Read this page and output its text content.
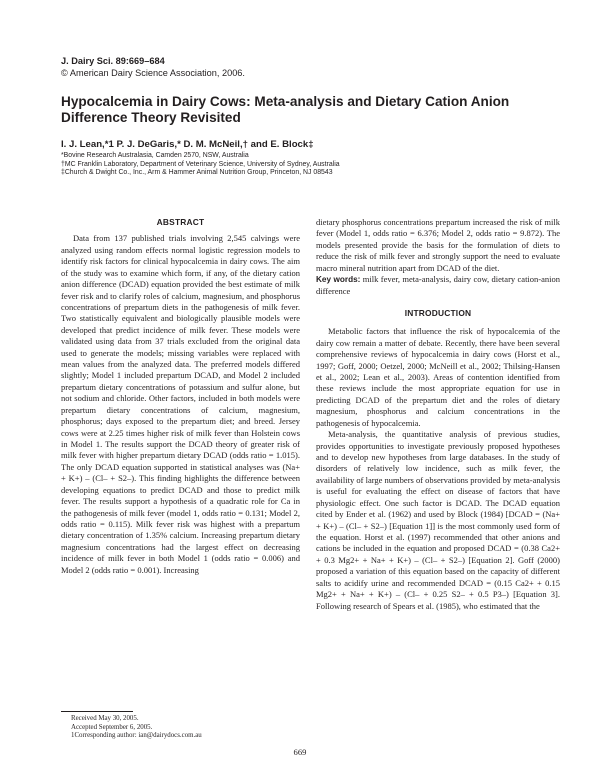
J. Dairy Sci. 89:669–684
© American Dairy Science Association, 2006.
Hypocalcemia in Dairy Cows: Meta-analysis and Dietary Cation Anion Difference Theory Revisited
I. J. Lean,*1 P. J. DeGaris,* D. M. McNeil,† and E. Block‡
*Bovine Research Australasia, Camden 2570, NSW, Australia
†MC Franklin Laboratory, Department of Veterinary Science, University of Sydney, Australia
‡Church & Dwight Co., Inc., Arm & Hammer Animal Nutrition Group, Princeton, NJ 08543
ABSTRACT

Data from 137 published trials involving 2,545 calvings were analyzed using random effects normal logistic regression models to identify risk factors for clinical hypocalcemia in dairy cows. The aim of the study was to examine which form, if any, of the dietary cation anion difference (DCAD) equation provided the best estimate of milk fever risk and to clarify roles of calcium, magnesium, and phosphorus concentrations of prepartum diets in the pathogenesis of milk fever. Two statistically equivalent and biologically plausible models were developed that predict incidence of milk fever. These models were validated using data from 37 trials excluded from the original data used to generate the models; missing variables were replaced with mean values from the analyzed data. The preferred models differed slightly; Model 1 included prepartum DCAD, and Model 2 included prepartum dietary concentrations of potassium and sulfur alone, but not sodium and chloride. Other factors, included in both models were prepartum dietary concentrations of calcium, magnesium, phosphorus; days exposed to the prepartum diet; and breed. Jersey cows were at 2.25 times higher risk of milk fever than Holstein cows in Model 1. The results support the DCAD theory of greater risk of milk fever with higher prepartum dietary DCAD (odds ratio = 1.015). The only DCAD equation supported in statistical analyses was (Na+ + K+) – (Cl– + S2–). This finding highlights the difference between developing equations to predict DCAD and those to predict milk fever. The results support a hypothesis of a quadratic role for Ca in the pathogenesis of milk fever (model 1, odds ratio = 0.131; Model 2, odds ratio = 0.115). Milk fever risk was highest with a prepartum dietary concentration of 1.35% calcium. Increasing prepartum dietary magnesium concentrations had the largest effect on decreasing incidence of milk fever in both Model 1 (odds ratio = 0.006) and Model 2 (odds ratio = 0.001). Increasing

dietary phosphorus concentrations prepartum increased the risk of milk fever (Model 1, odds ratio = 6.376; Model 2, odds ratio = 9.872). The models presented provide the basis for the formulation of diets to reduce the risk of milk fever and strongly support the need to evaluate macro mineral nutrition apart from DCAD of the diet.

Key words: milk fever, meta-analysis, dairy cow, dietary cation-anion difference

INTRODUCTION

Metabolic factors that influence the risk of hypocalcemia of the dairy cow remain a matter of debate. Recently, there have been several comprehensive reviews of hypocalcemia in dairy cows (Horst et al., 1997; Goff, 2000; Oetzel, 2000; McNeill et al., 2002; Thilsing-Hansen et al., 2002; Lean et al., 2003). Areas of contention identified from these reviews include the most appropriate equation for use in predicting DCAD of the prepartum diet and the roles of dietary magnesium, phosphorus and calcium concentrations in the pathogenesis of hypocalcemia.

Meta-analysis, the quantitative analysis of previous studies, provides opportunities to investigate previously proposed hypotheses and to develop new hypotheses from large databases. In the study of disorders of relatively low incidence, such as milk fever, the availability of large numbers of observations provided by meta-analysis is useful for evaluating the effect on disease of factors that have physiologic effect. One such factor is DCAD. The DCAD equation cited by Ender et al. (1962) and used by Block (1984) [DCAD = (Na+ + K+) – (Cl– + S2–) [Equation 1]] is the most commonly used form of the equation. Horst et al. (1997) recommended that other anions and cations be included in the equation and proposed DCAD = (0.38 Ca2+ + 0.3 Mg2+ + Na+ + K+) – (Cl– + S2–) [Equation 2]. Goff (2000) proposed a variation of this equation based on the capacity of different salts to acidify urine and recommended DCAD = (0.15 Ca2+ + 0.15 Mg2+ + Na+ + K+) – (Cl– + 0.25 S2– + 0.5 P3–) [Equation 3]. Following research of Spears et al. (1985), who estimated that the

Received May 30, 2005.
Accepted September 6, 2005.
1Corresponding author: ian@dairydocs.com.au
669
